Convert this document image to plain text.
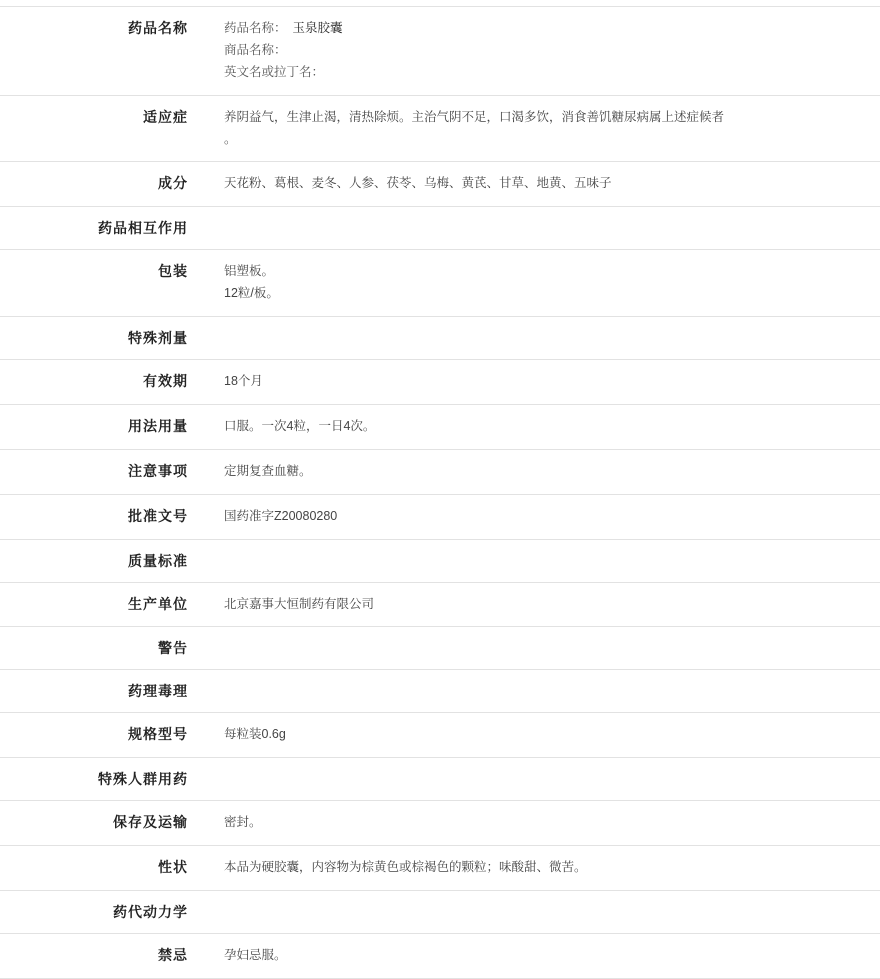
药品名称	药品名称： 玉泉胶囊
商品名称：
英文名或拉丁名：

适应症	养阴益气，生津止渴，清热除烦。主治气阴不足，口渴多饮，消食善饥糖尿病属上述症候者
。

成分	天花粉、葛根、麦冬、人参、茯苓、乌梅、黄芪、甘草、地黄、五味子

药品相互作用	
包装	铝塑板。
12粒/板。

特殊剂量	
有效期	18个月

用法用量	口服。一次4粒，一日4次。

注意事项	定期复查血糖。

批准文号	国药准字Z20080280

质量标准	
生产单位	北京嘉事大恒制药有限公司

警告	
药理毒理	
规格型号	每粒装0.6g

特殊人群用药	
保存及运输	密封。

性状	本品为硬胶囊，内容物为棕黄色或棕褐色的颗粒；味酸甜、微苦。

药代动力学	
禁忌	孕妇忌服。
